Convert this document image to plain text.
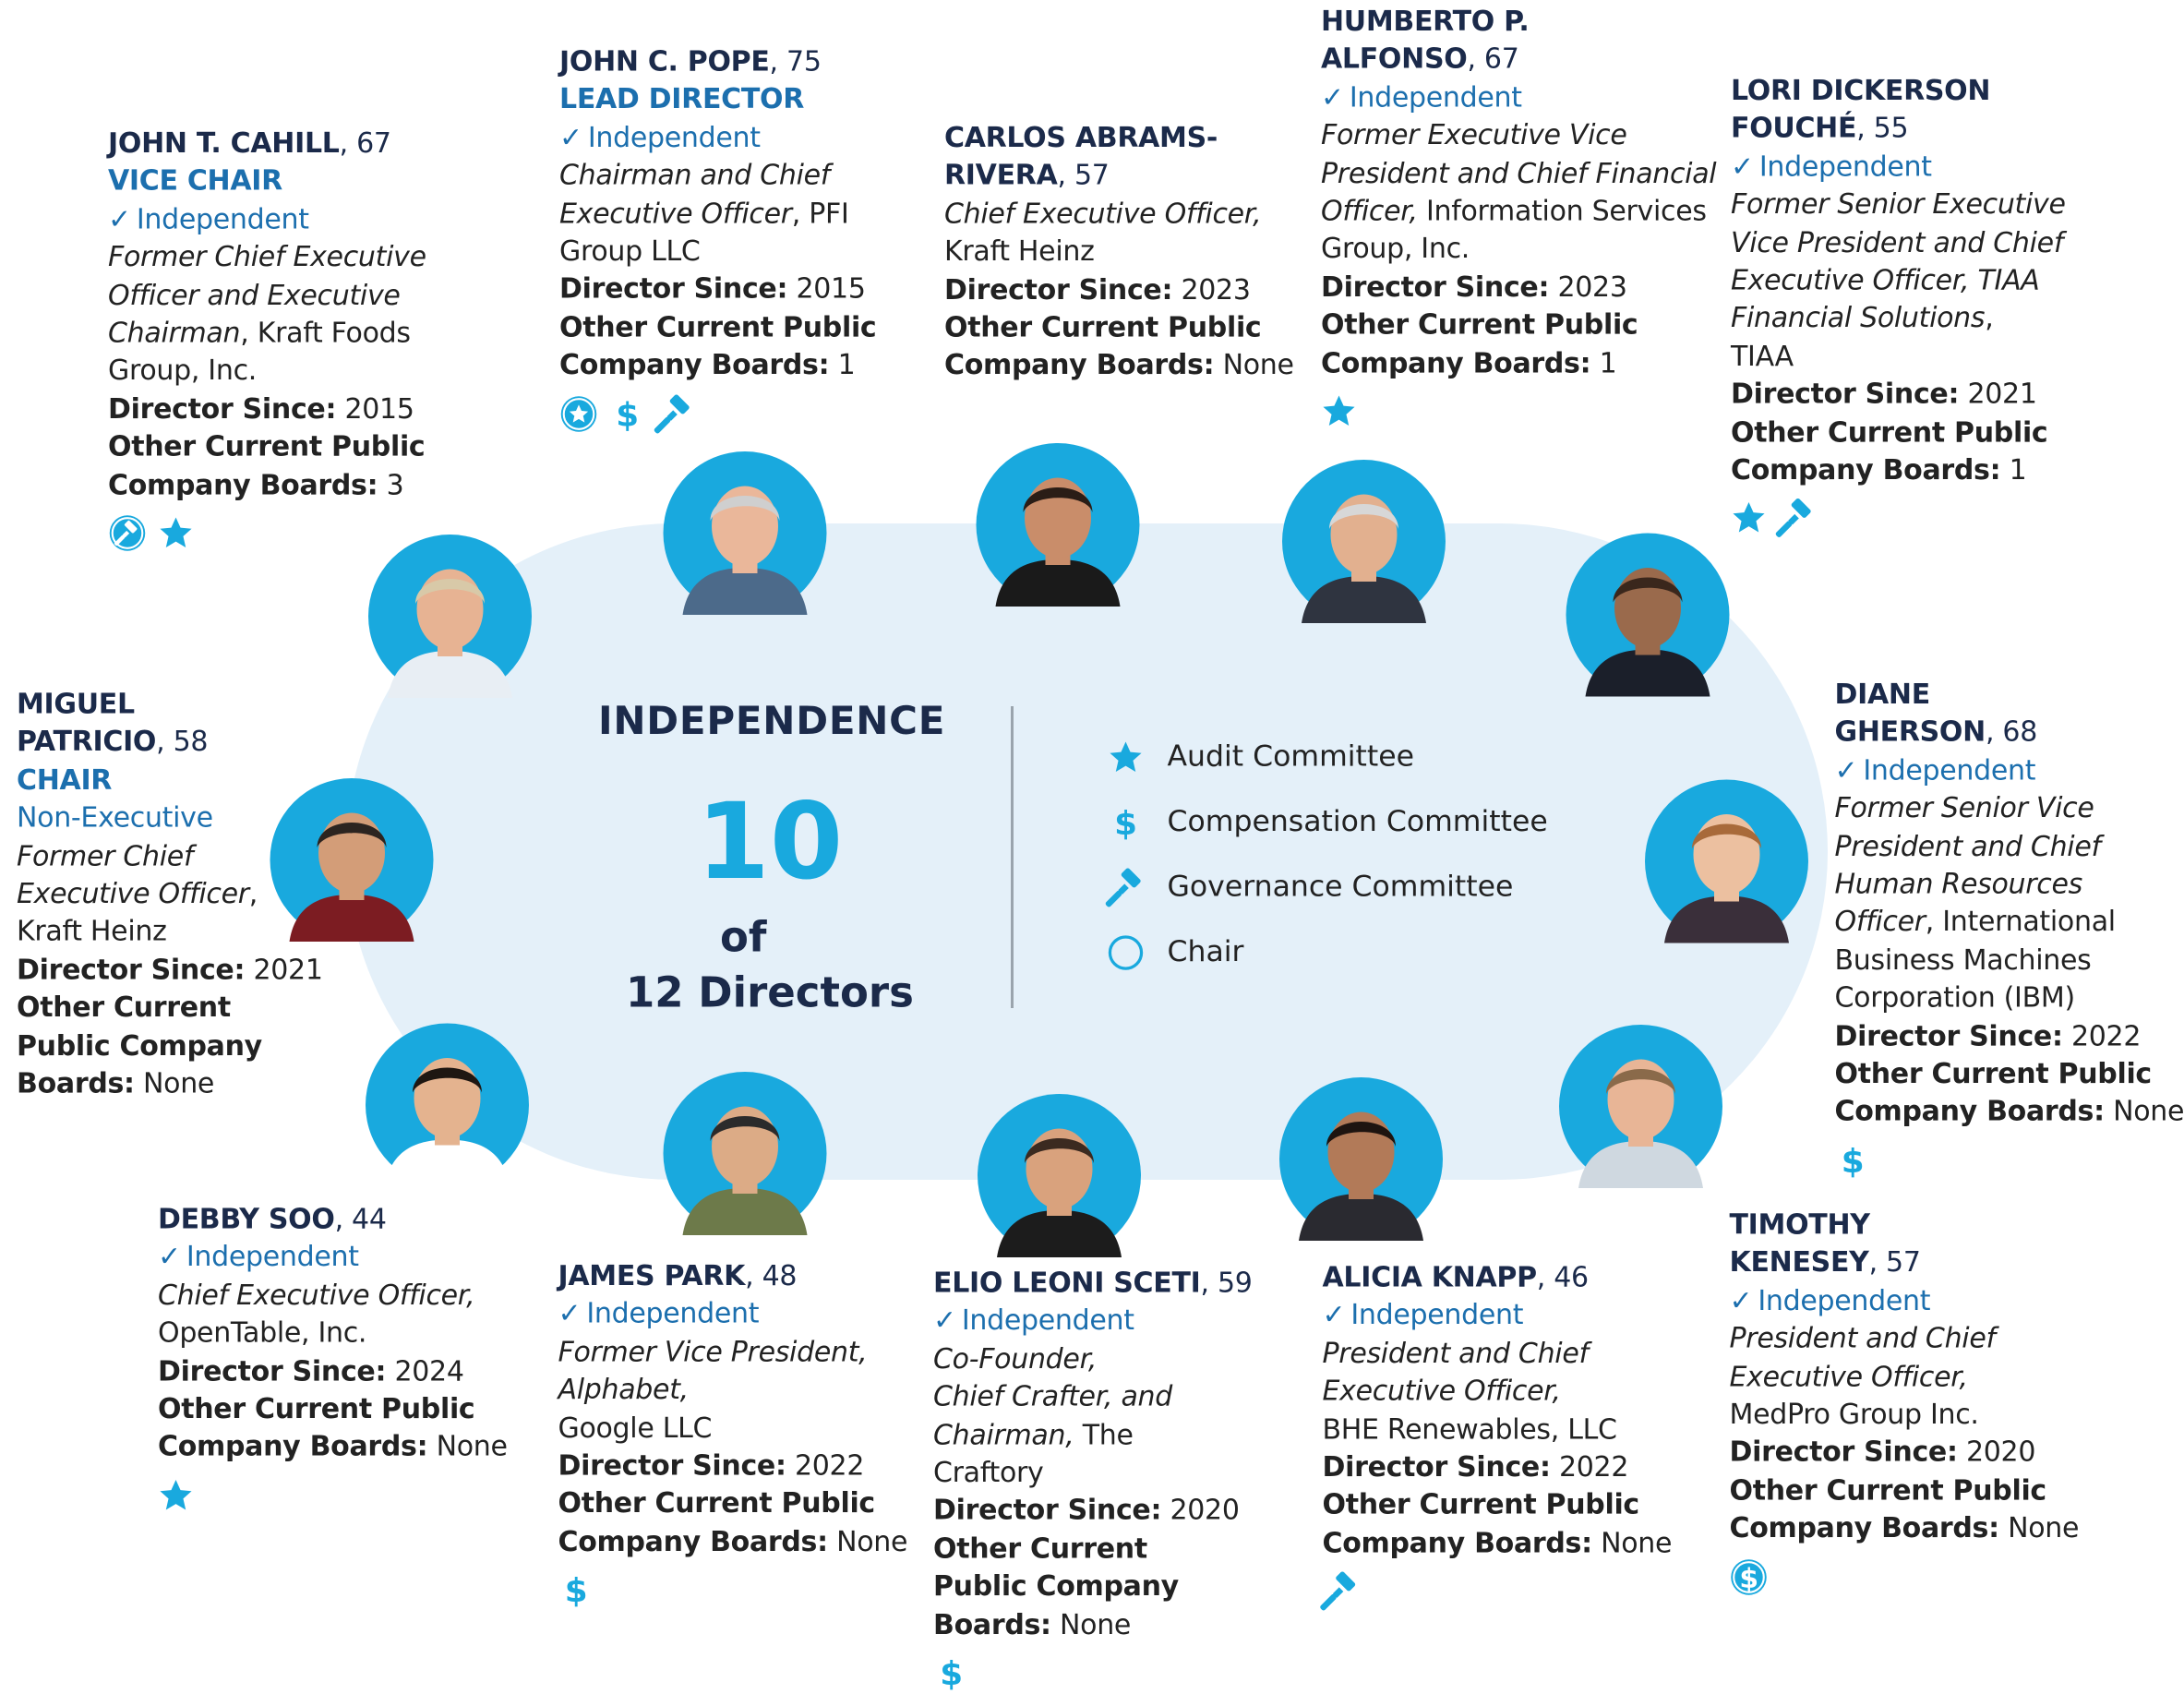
INDEPENDENCE
10
of
12 Directors
Audit Committee
$ Compensation Committee
Governance Committee
Chair
JOHN T. CAHILL, 67
VICE CHAIR
✓ Independent
Former Chief Executive
Officer and Executive
Chairman, Kraft Foods
Group, Inc.
Director Since: 2015
Other Current Public
Company Boards: 3
JOHN C. POPE, 75
LEAD DIRECTOR
✓ Independent
Chairman and Chief
Executive Officer, PFI
Group LLC
Director Since: 2015
Other Current Public
Company Boards: 1
$
CARLOS ABRAMS-
RIVERA, 57
Chief Executive Officer,
Kraft Heinz
Director Since: 2023
Other Current Public
Company Boards: None
HUMBERTO P.
ALFONSO, 67
✓ Independent
Former Executive Vice
President and Chief Financial
Officer, Information Services
Group, Inc.
Director Since: 2023
Other Current Public
Company Boards: 1
LORI DICKERSON
FOUCHÉ, 55
✓ Independent
Former Senior Executive
Vice President and Chief
Executive Officer, TIAA
Financial Solutions,
TIAA
Director Since: 2021
Other Current Public
Company Boards: 1
MIGUEL
PATRICIO, 58
CHAIR
Non-Executive
Former Chief
Executive Officer,
Kraft Heinz
Director Since: 2021
Other Current
Public Company
Boards: None
DIANE
GHERSON, 68
✓ Independent
Former Senior Vice
President and Chief
Human Resources
Officer, International
Business Machines
Corporation (IBM)
Director Since: 2022
Other Current Public
Company Boards: None
$
DEBBY SOO, 44
✓ Independent
Chief Executive Officer,
OpenTable, Inc.
Director Since: 2024
Other Current Public
Company Boards: None
JAMES PARK, 48
✓ Independent
Former Vice President,
Alphabet,
Google LLC
Director Since: 2022
Other Current Public
Company Boards: None
$
ELIO LEONI SCETI, 59
✓ Independent
Co-Founder,
Chief Crafter, and
Chairman, The
Craftory
Director Since: 2020
Other Current
Public Company
Boards: None
$
ALICIA KNAPP, 46
✓ Independent
President and Chief
Executive Officer,
BHE Renewables, LLC
Director Since: 2022
Other Current Public
Company Boards: None
TIMOTHY
KENESEY, 57
✓ Independent
President and Chief
Executive Officer,
MedPro Group Inc.
Director Since: 2020
Other Current Public
Company Boards: None
$
